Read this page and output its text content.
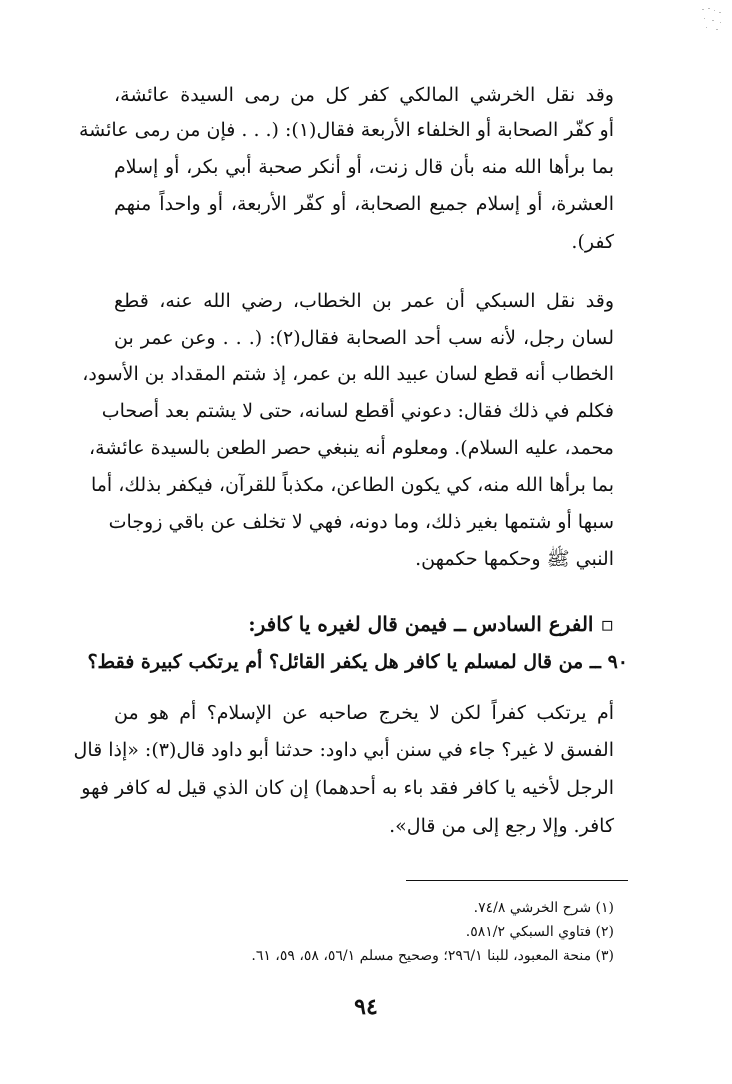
وقد نقل الخرشي المالكي كفر كل من رمى السيدة عائشة،
أو كفّر الصحابة أو الخلفاء الأربعة فقال(١): (. . . فإن من رمى عائشة
بما برأها الله منه بأن قال زنت، أو أنكر صحبة أبي بكر، أو إسلام
العشرة، أو إسلام جميع الصحابة، أو كفّر الأربعة، أو واحداً منهم
كفر).
وقد نقل السبكي أن عمر بن الخطاب، رضي الله عنه، قطع
لسان رجل، لأنه سب أحد الصحابة فقال(٢): (. . . وعن عمر بن
الخطاب أنه قطع لسان عبيد الله بن عمر، إذ شتم المقداد بن الأسود،
فكلم في ذلك فقال: دعوني أقطع لسانه، حتى لا يشتم بعد أصحاب
محمد، عليه السلام). ومعلوم أنه ينبغي حصر الطعن بالسيدة عائشة،
بما برأها الله منه، كي يكون الطاعن، مكذباً للقرآن، فيكفر بذلك، أما
سبها أو شتمها بغير ذلك، وما دونه، فهي لا تخلف عن باقي زوجات
النبي ﷺ وحكمها حكمهن.
▫ الفرع السادس ــ فيمن قال لغيره يا كافر:
٩٠ ــ من قال لمسلم يا كافر هل يكفر القائل؟ أم يرتكب كبيرة فقط؟
أم يرتكب كفراً لكن لا يخرج صاحبه عن الإسلام؟ أم هو من
الفسق لا غير؟ جاء في سنن أبي داود: حدثنا أبو داود قال(٣): «إذا قال
الرجل لأخيه يا كافر فقد باء به أحدهما) إن كان الذي قيل له كافر فهو
كافر. وإلا رجع إلى من قال».
(١) شرح الخرشي ٧٤/٨.
(٢) فتاوي السبكي ٥٨١/٢.
(٣) منحة المعبود، للبنا ٢٩٦/١؛ وصحيح مسلم ٥٦/١، ٥٨، ٥٩، ٦١.
٩٤
